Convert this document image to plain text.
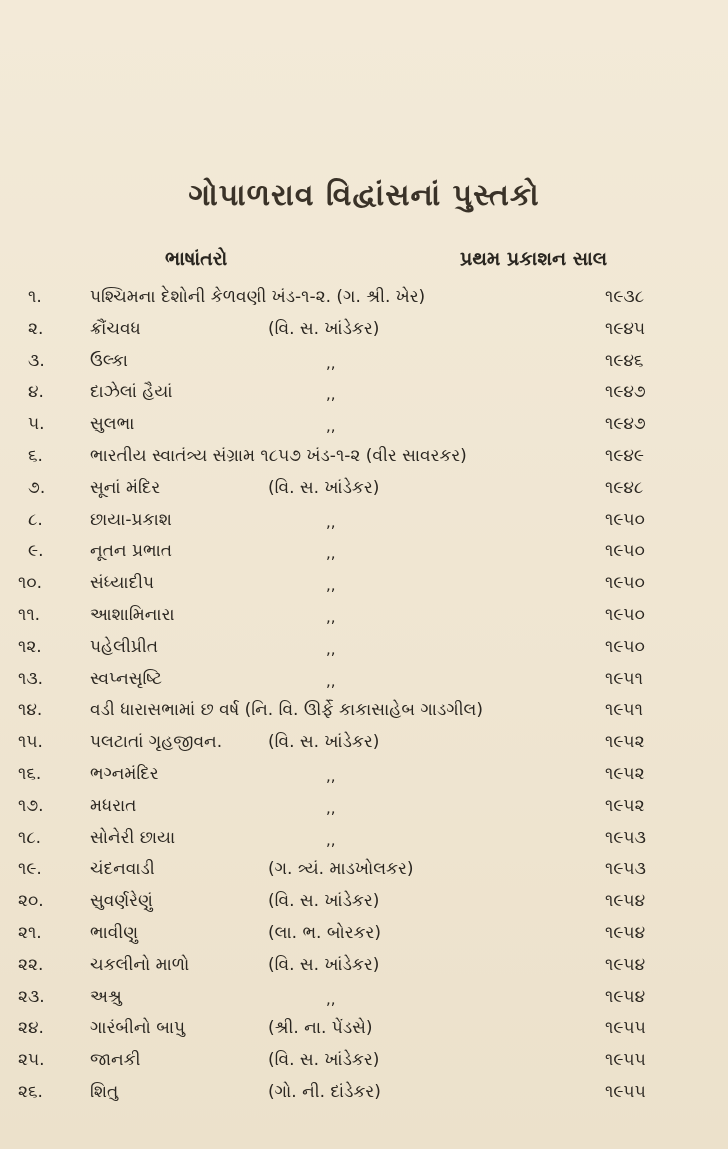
ગોપાળરાવ વિદ્વાંસનાં પુસ્તકો
ભાષાંતરો	પ્રથમ પ્રકાશન સાલ
૧.	પશ્ચિમના દેશોની કેળવણી ખંડ-૧-૨. (ગ. શ્રી. ખેર)	૧૯૩૮
૨.	ક્રૌંચવધ	(વિ. સ. ખાંડેકર)	૧૯૪૫
૩.	ઉલ્કા	,,	૧૯૪૬
૪.	દાઝેલાં હૈયાં	,,	૧૯૪૭
૫.	સુલભા	,,	૧૯૪૭
૬.	ભારતીય સ્વાતંત્ર્ય સંગ્રામ ૧૮૫૭ ખંડ-૧-૨ (વીર સાવરકર)	૧૯૪૯
૭.	સૂનાં મંદિર	(વિ. સ. ખાંડેકર)	૧૯૪૮
૮.	છાયા-પ્રકાશ	,,	૧૯૫૦
૯.	નૂતન પ્રભાત	,,	૧૯૫૦
૧૦.	સંધ્યાદીપ	,,	૧૯૫૦
૧૧.	આશામિનારા	,,	૧૯૫૦
૧૨.	પહેલીપ્રીત	,,	૧૯૫૦
૧૩.	સ્વપ્નસૃષ્ટિ	,,	૧૯૫૧
૧૪.	વડી ધારાસભામાં છ વર્ષ (નિ. વિ. ઊર્ફે કાકાસાહેબ ગાડગીલ)	૧૯૫૧
૧૫.	પલટાતાં ગૃહજીવન.	(વિ. સ. ખાંડેકર)	૧૯૫૨
૧૬.	ભગ્નમંદિર	,,	૧૯૫૨
૧૭.	મધરાત	,,	૧૯૫૨
૧૮.	સોનેરી છાયા	,,	૧૯૫૩
૧૯.	ચંદનવાડી	(ગ. ત્ર્યં. માડખોલકર)	૧૯૫૩
૨૦.	સુવર્ણરેણું	(વિ. સ. ખાંડેકર)	૧૯૫૪
૨૧.	ભાવીણુ	(લા. ભ. બોરકર)	૧૯૫૪
૨૨.	ચકલીનો માળો	(વિ. સ. ખાંડેકર)	૧૯૫૪
૨૩.	અશ્રુ	,,	૧૯૫૪
૨૪.	ગારંબીનો બાપુ	(શ્રી. ના. પેંડસે)	૧૯૫૫
૨૫.	જાનકી	(વિ. સ. ખાંડેકર)	૧૯૫૫
૨૬.	શિતુ	(ગો. ની. દાંડેકર)	૧૯૫૫
